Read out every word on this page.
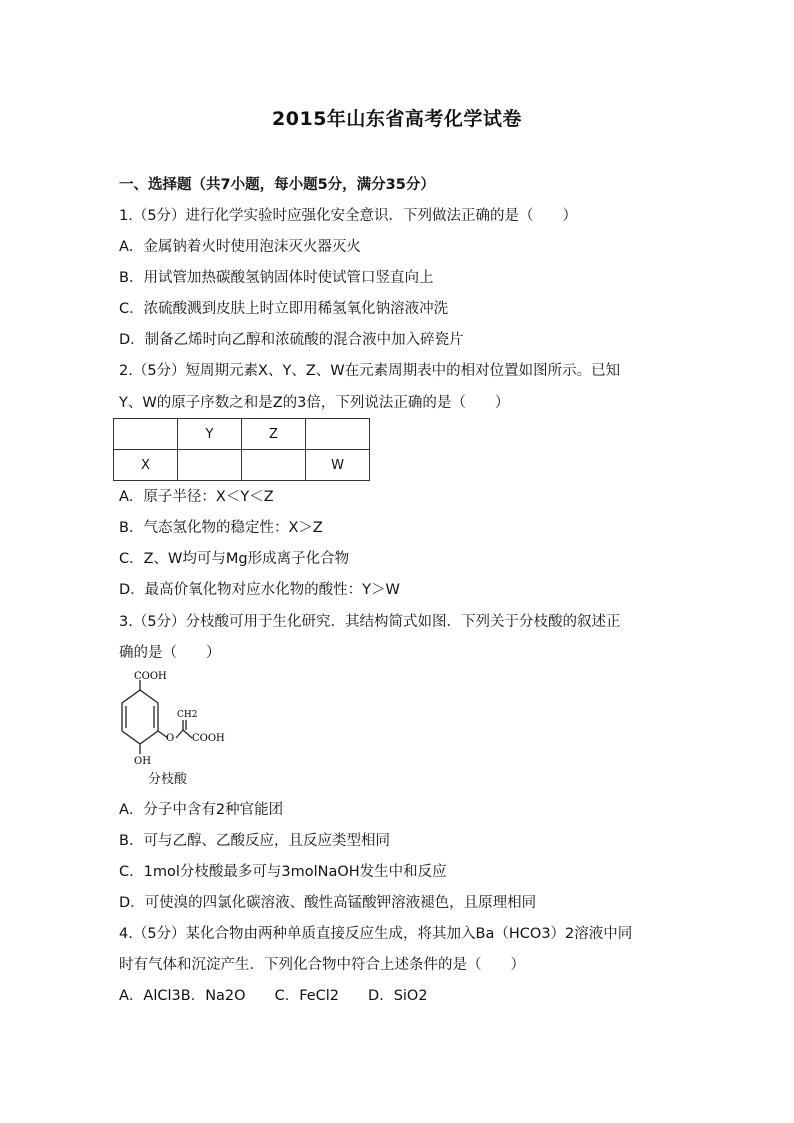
2015年山东省高考化学试卷
一、选择题（共7小题，每小题5分，满分35分）
1.（5分）进行化学实验时应强化安全意识．下列做法正确的是（　　）
A．金属钠着火时使用泡沫灭火器灭火
B．用试管加热碳酸氢钠固体时使试管口竖直向上
C．浓硫酸溅到皮肤上时立即用稀氢氧化钠溶液冲洗
D．制备乙烯时向乙醇和浓硫酸的混合液中加入碎瓷片
2.（5分）短周期元素X、Y、Z、W在元素周期表中的相对位置如图所示。已知
Y、W的原子序数之和是Z的3倍，下列说法正确的是（　　）
	Y	Z	
X			W
A．原子半径：X＜Y＜Z
B．气态氢化物的稳定性：X＞Z
C．Z、W均可与Mg形成离子化合物
D．最高价氧化物对应水化物的酸性：Y＞W
3.（5分）分枝酸可用于生化研究．其结构简式如图．下列关于分枝酸的叙述正
确的是（　　）
COOH
CH2
O COOH
OH
分枝酸
A．分子中含有2种官能团
B．可与乙醇、乙酸反应，且反应类型相同
C．1mol分枝酸最多可与3molNaOH发生中和反应
D．可使溴的四氯化碳溶液、酸性高锰酸钾溶液褪色，且原理相同
4.（5分）某化合物由两种单质直接反应生成，将其加入Ba（HCO3）2溶液中同
时有气体和沉淀产生．下列化合物中符合上述条件的是（　　）
A．AlCl3B．Na2O　　C．FeCl2　　D．SiO2
